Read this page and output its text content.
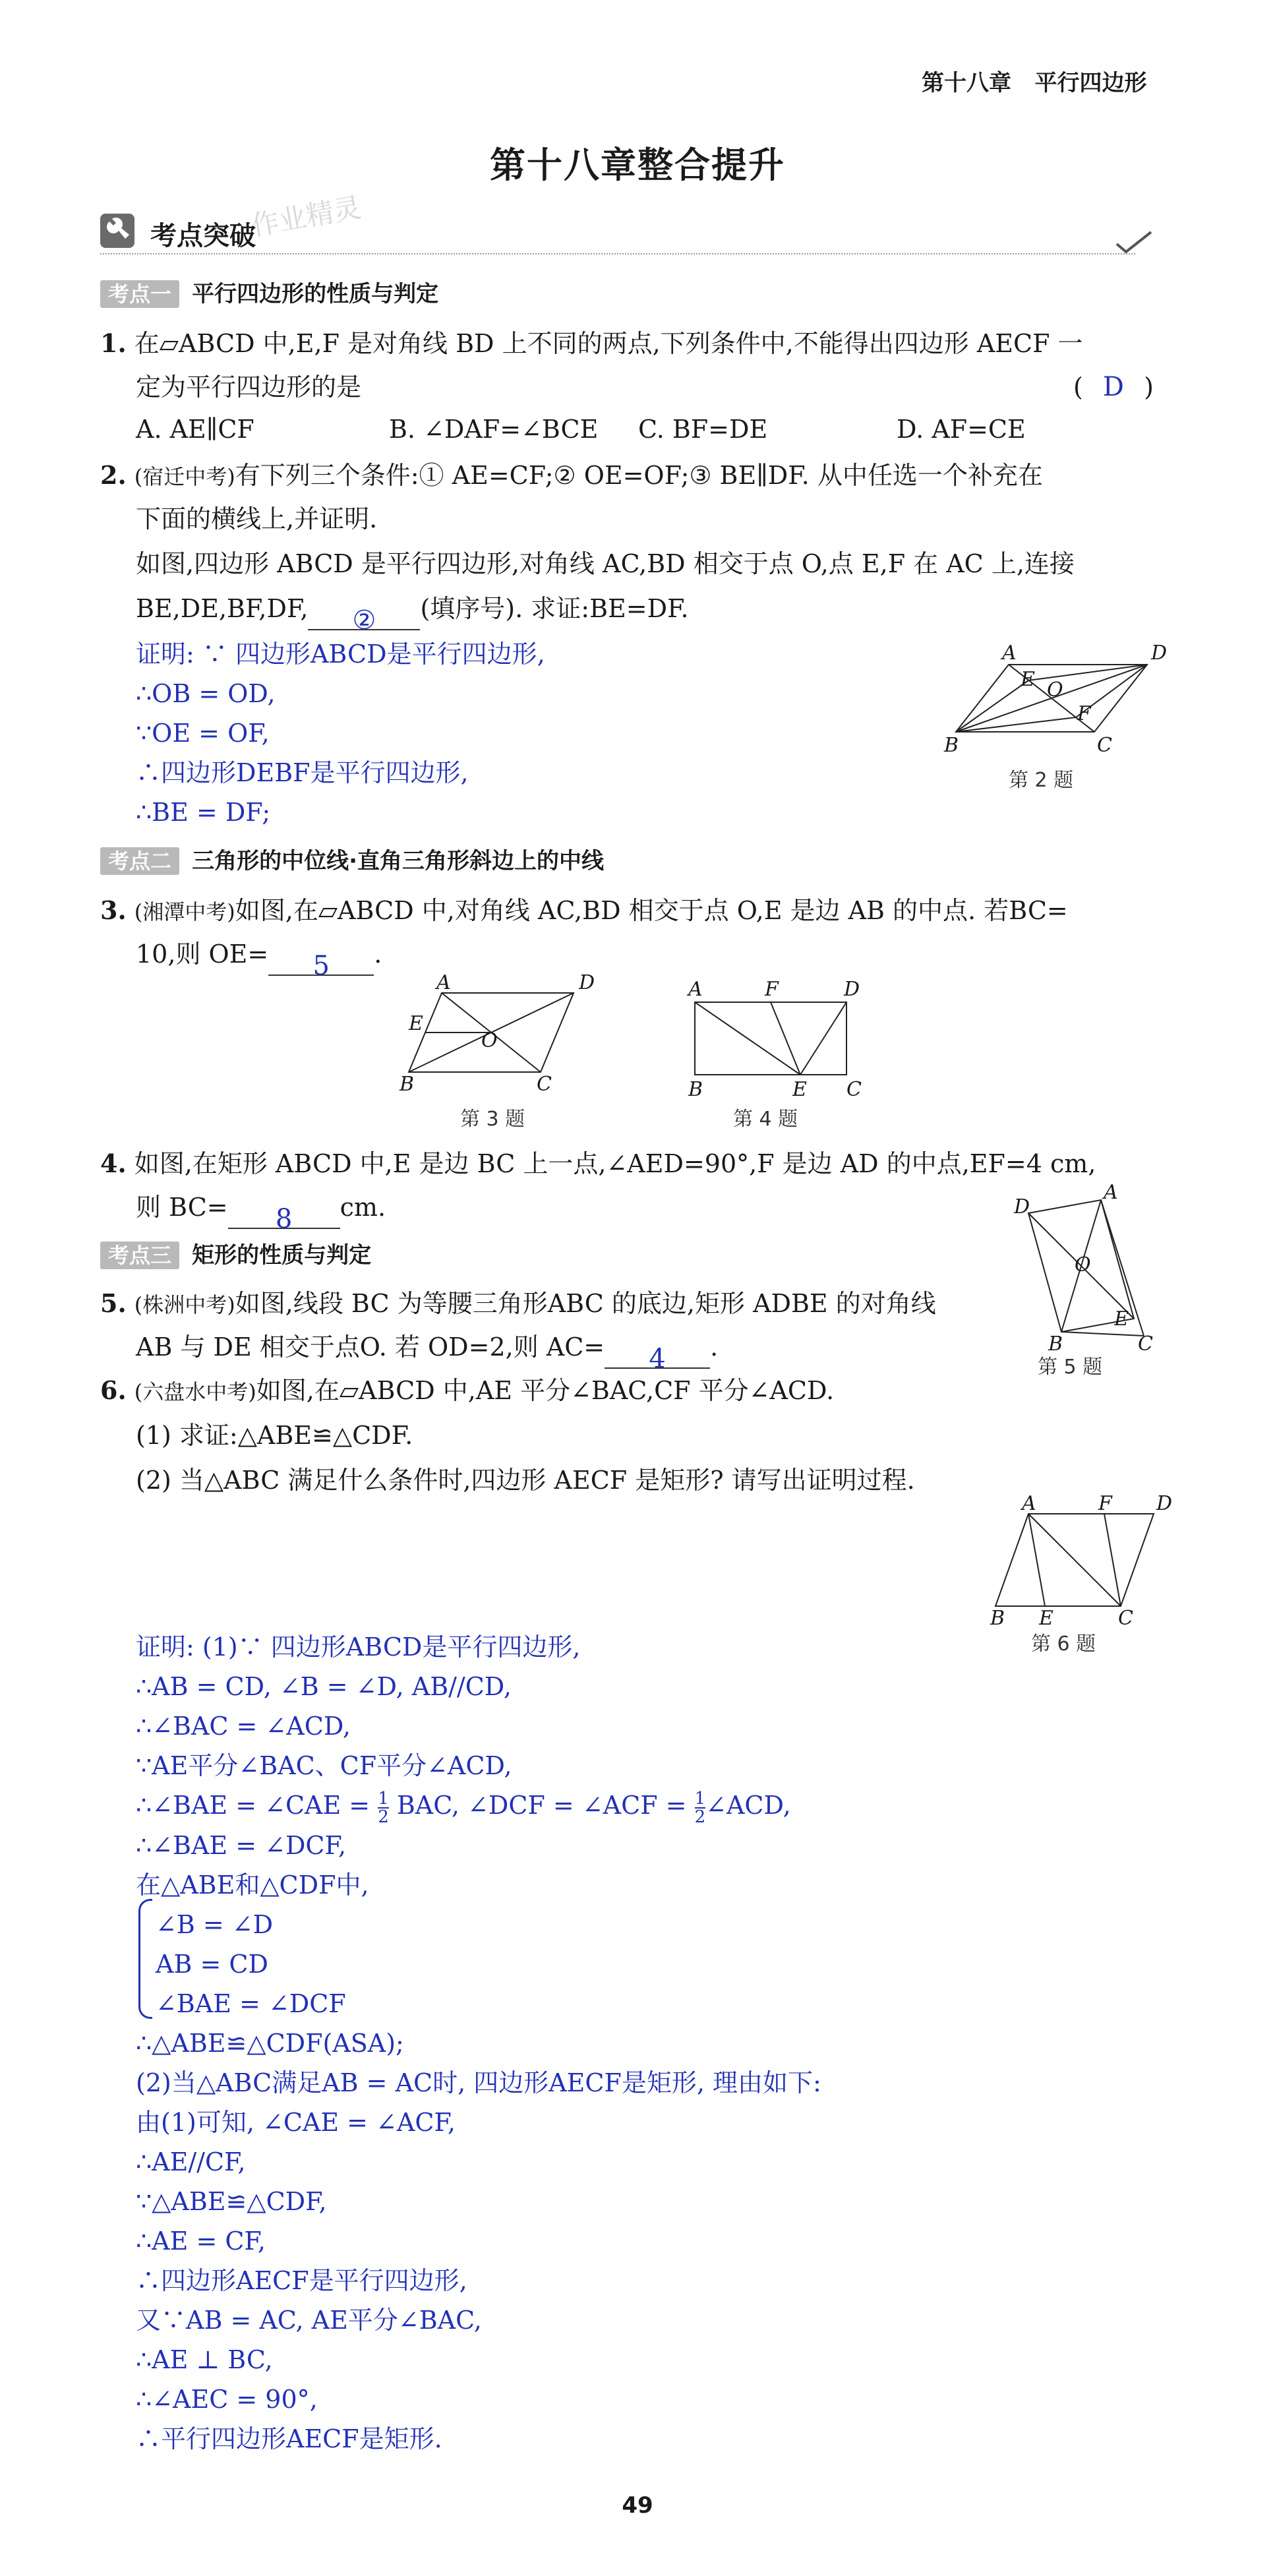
第十八章 平行四边形
第十八章整合提升
考点突破
作业精灵
考点一 平行四边形的性质与判定
1. 在▱ABCD 中,E,F 是对角线 BD 上不同的两点,下列条件中,不能得出四边形 AECF 一
定为平行四边形的是	( D )
A. AE∥CF	B. ∠DAF=∠BCE C. BF=DE	D. AF=CE
2. (宿迁中考)有下列三个条件:① AE=CF;② OE=OF;③ BE∥DF. 从中任选一个补充在
下面的横线上,并证明.
如图,四边形 ABCD 是平行四边形,对角线 AC,BD 相交于点 O,点 E,F 在 AC 上,连接
BE,DE,BF,DF, ② (填序号). 求证:BE=DF.
证明: ∵ 四边形ABCD是平行四边形,
∴OB = OD,
∵OE = OF,
∴四边形DEBF是平行四边形,
∴BE = DF;
A	D
B	C
E O
F
第 2 题
考点二 三角形的中位线·直角三角形斜边上的中线
3. (湘潭中考)如图,在▱ABCD 中,对角线 AC,BD 相交于点 O,E 是边 AB 的中点. 若BC=
10,则 OE= 5 .
A	D
E
O
B	C
第 3 题
A	F	D
B	E C
第 4 题
4. 如图,在矩形 ABCD 中,E 是边 BC 上一点,∠AED=90°,F 是边 AD 的中点,EF=4 cm,
则 BC= 8 cm.
考点三 矩形的性质与判定
A
D
O
E
B	C
第 5 题
5. (株洲中考)如图,线段 BC 为等腰三角形ABC 的底边,矩形 ADBE 的对角线
AB 与 DE 相交于点O. 若 OD=2,则 AC= 4 .
6. (六盘水中考)如图,在▱ABCD 中,AE 平分∠BAC,CF 平分∠ACD.
(1) 求证:△ABE≌△CDF.
(2) 当△ABC 满足什么条件时,四边形 AECF 是矩形? 请写出证明过程.
A	F D
B E	C
第 6 题
证明: (1)∵ 四边形ABCD是平行四边形,
∴AB = CD, ∠B = ∠D, AB//CD,
∴∠BAC = ∠ACD,
∵AE平分∠BAC、CF平分∠ACD,
∴∠BAE = ∠CAE = $\frac{1}{2}$ BAC, ∠DCF = ∠ACF = $\frac{1}{2}$ ∠ACD,
∴∠BAE = ∠DCF,
在△ABE和△CDF中,
∠B = ∠D
AB = CD
∠BAE = ∠DCF
∴△ABE≌△CDF(ASA);
(2)当△ABC满足AB = AC时, 四边形AECF是矩形, 理由如下:
由(1)可知, ∠CAE = ∠ACF,
∴AE//CF,
∵△ABE≌△CDF,
∴AE = CF,
∴四边形AECF是平行四边形,
又∵AB = AC, AE平分∠BAC,
∴AE ⊥ BC,
∴∠AEC = 90°,
∴平行四边形AECF是矩形.
49
